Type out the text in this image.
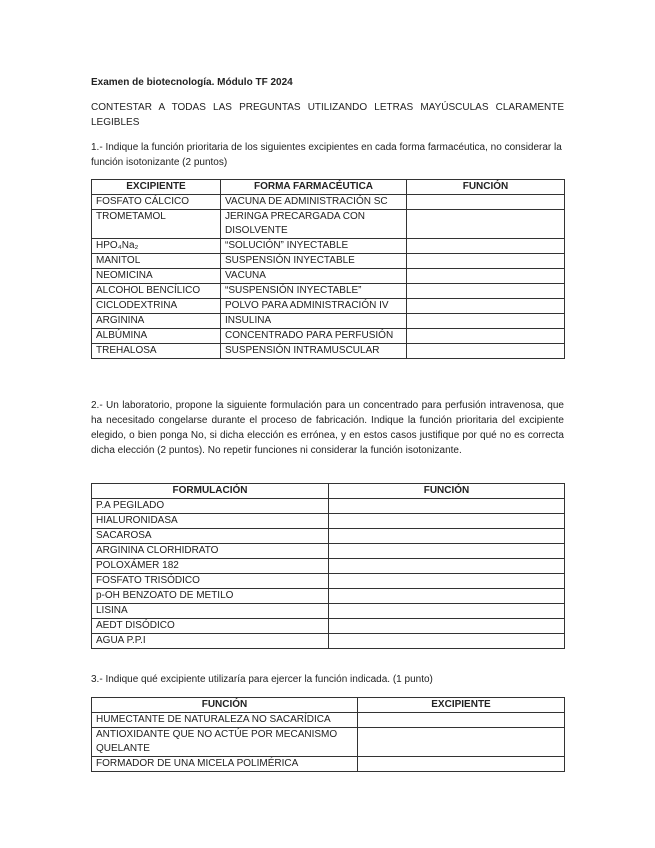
Examen de biotecnología. Módulo TF 2024
CONTESTAR A TODAS LAS PREGUNTAS UTILIZANDO LETRAS MAYÚSCULAS CLARAMENTE LEGIBLES
1.- Indique la función prioritaria de los siguientes excipientes en cada forma farmacéutica, no considerar la función isotonizante (2 puntos)
EXCIPIENTE	FORMA FARMACÉUTICA	FUNCIÓN
FOSFATO CÁLCICO	VACUNA DE ADMINISTRACIÓN SC	
TROMETAMOL	JERINGA PRECARGADA CON DISOLVENTE	
HPO₄Na₂	“SOLUCIÓN” INYECTABLE	
MANITOL	SUSPENSIÓN INYECTABLE	
NEOMICINA	VACUNA	
ALCOHOL BENCÍLICO	“SUSPENSIÓN INYECTABLE”	
CICLODEXTRINA	POLVO PARA ADMINISTRACIÓN IV	
ARGININA	INSULINA	
ALBÚMINA	CONCENTRADO PARA PERFUSIÓN	
TREHALOSA	SUSPENSIÓN INTRAMUSCULAR	
2.- Un laboratorio, propone la siguiente formulación para un concentrado para perfusión intravenosa, que ha necesitado congelarse durante el proceso de fabricación. Indique la función prioritaria del excipiente elegido, o bien ponga No, si dicha elección es errónea, y en estos casos justifique por qué no es correcta dicha elección (2 puntos). No repetir funciones ni considerar la función isotonizante.
FORMULACIÓN	FUNCIÓN
P.A PEGILADO	
HIALURONIDASA	
SACAROSA	
ARGININA CLORHIDRATO	
POLOXÁMER 182	
FOSFATO TRISÓDICO	
p-OH BENZOATO DE METILO	
LISINA	
AEDT DISÓDICO	
AGUA P.P.I	
3.- Indique qué excipiente utilizaría para ejercer la función indicada. (1 punto)
FUNCIÓN	EXCIPIENTE
HUMECTANTE DE NATURALEZA NO SACARÍDICA	
ANTIOXIDANTE QUE NO ACTÚE POR MECANISMO QUELANTE	
FORMADOR DE UNA MICELA POLIMÉRICA	
